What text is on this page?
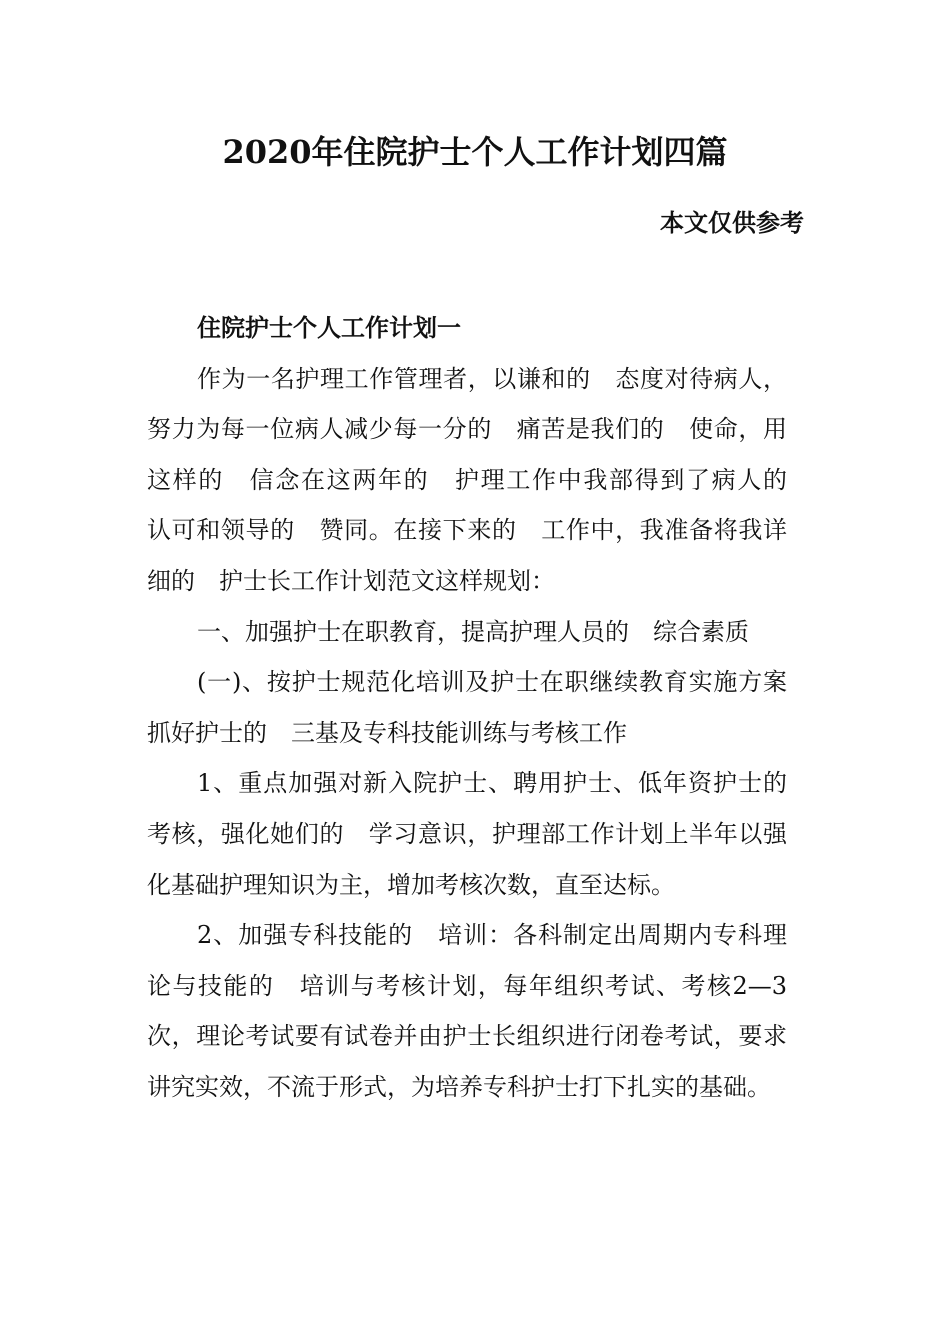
2020年住院护士个人工作计划四篇
本文仅供参考

住院护士个人工作计划一

作为一名护理工作管理者，以谦和的　态度对待病人，努力为每一位病人减少每一分的　痛苦是我们的　使命，用这样的　信念在这两年的　护理工作中我部得到了病人的　认可和领导的　赞同。在接下来的　工作中，我准备将我详细的　护士长工作计划范文这样规划：

一、加强护士在职教育，提高护理人员的　综合素质

(一)、按护士规范化培训及护士在职继续教育实施方案抓好护士的　三基及专科技能训练与考核工作

1、重点加强对新入院护士、聘用护士、低年资护士的　考核，强化她们的　学习意识，护理部工作计划上半年以强化基础护理知识为主，增加考核次数，直至达标。

2、加强专科技能的　培训：各科制定出周期内专科理论与技能的　培训与考核计划，每年组织考试、考核2—3次，理论考试要有试卷并由护士长组织进行闭卷考试，要求讲究实效，不流于形式，为培养专科护士打下扎实的基础。
